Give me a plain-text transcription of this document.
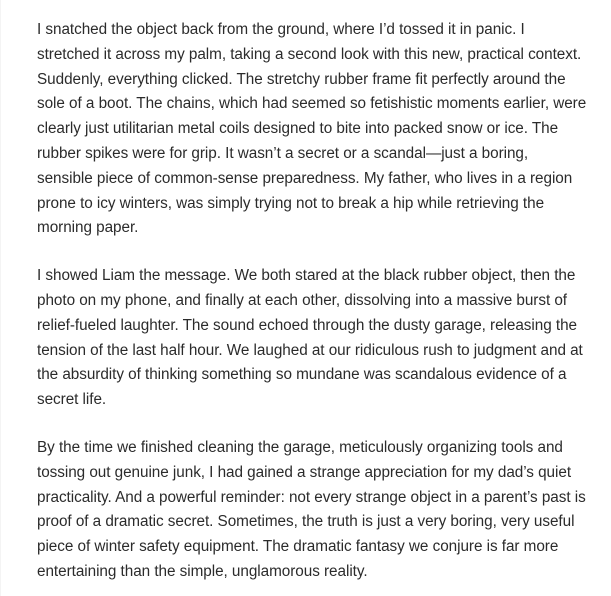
I snatched the object back from the ground, where I’d tossed it in panic. I stretched it across my palm, taking a second look with this new, practical context. Suddenly, everything clicked. The stretchy rubber frame fit perfectly around the sole of a boot. The chains, which had seemed so fetishistic moments earlier, were clearly just utilitarian metal coils designed to bite into packed snow or ice. The rubber spikes were for grip. It wasn’t a secret or a scandal—just a boring, sensible piece of common-sense preparedness. My father, who lives in a region prone to icy winters, was simply trying not to break a hip while retrieving the morning paper.

I showed Liam the message. We both stared at the black rubber object, then the photo on my phone, and finally at each other, dissolving into a massive burst of relief-fueled laughter. The sound echoed through the dusty garage, releasing the tension of the last half hour. We laughed at our ridiculous rush to judgment and at the absurdity of thinking something so mundane was scandalous evidence of a secret life.

By the time we finished cleaning the garage, meticulously organizing tools and tossing out genuine junk, I had gained a strange appreciation for my dad’s quiet practicality. And a powerful reminder: not every strange object in a parent’s past is proof of a dramatic secret. Sometimes, the truth is just a very boring, very useful piece of winter safety equipment. The dramatic fantasy we conjure is far more entertaining than the simple, unglamorous reality.
